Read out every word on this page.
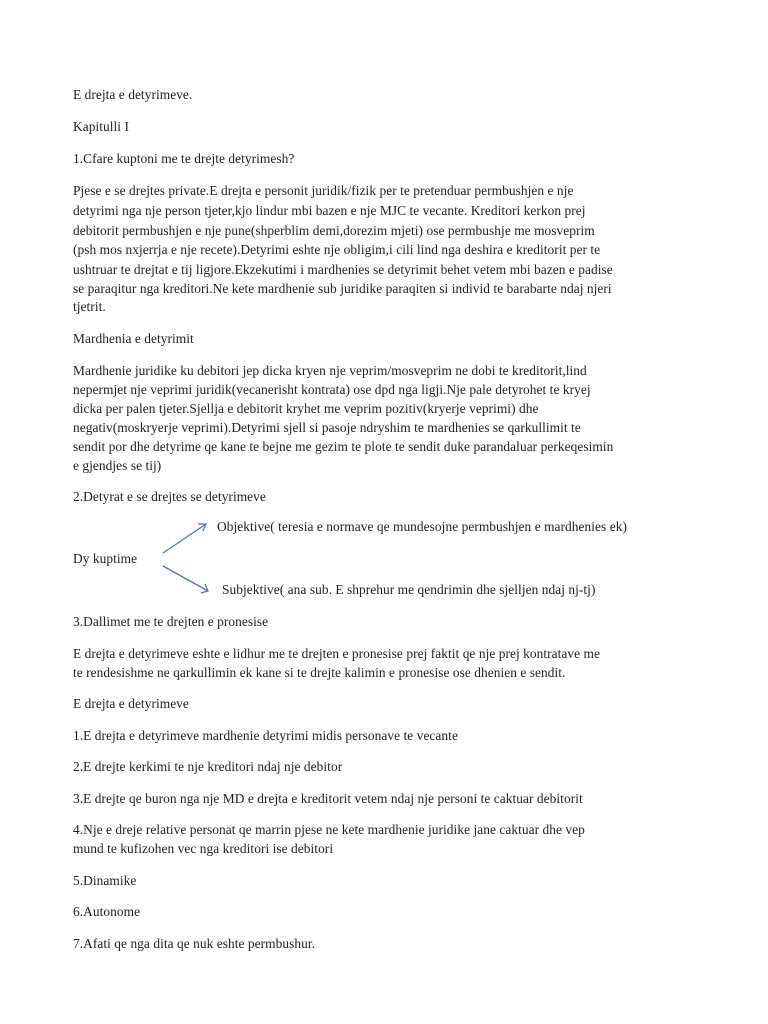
E drejta e detyrimeve.
Kapitulli I
1.Cfare kuptoni me te drejte detyrimesh?
Pjese e se drejtes private.E drejta e personit juridik/fizik per te pretenduar permbushjen e nje
detyrimi nga nje person tjeter,kjo lindur mbi bazen e nje MJC te vecante. Kreditori kerkon prej
debitorit permbushjen e nje pune(shperblim demi,dorezim mjeti) ose permbushje me mosveprim
(psh mos nxjerrja e nje recete).Detyrimi eshte nje obligim,i cili lind nga deshira e kreditorit per te
ushtruar te drejtat e tij ligjore.Ekzekutimi i mardhenies se detyrimit behet vetem mbi bazen e padise
se paraqitur nga kreditori.Ne kete mardhenie sub juridike paraqiten si individ te barabarte ndaj njeri
tjetrit.
Mardhenia e detyrimit
Mardhenie juridike ku debitori jep dicka kryen nje veprim/mosveprim ne dobi te kreditorit,lind
nepermjet nje veprimi juridik(vecanerisht kontrata) ose dpd nga ligji.Nje pale detyrohet te kryej
dicka per palen tjeter.Sjellja e debitorit kryhet me veprim pozitiv(kryerje veprimi) dhe
negativ(moskryerje veprimi).Detyrimi sjell si pasoje ndryshim te mardhenies se qarkullimit te
sendit por dhe detyrime qe kane te bejne me gezim te plote te sendit duke parandaluar perkeqesimin
e gjendjes se tij)
2.Detyrat e se drejtes se detyrimeve
Objektive( teresia e normave qe mundesojne permbushjen e mardhenies ek)
Dy kuptime
Subjektive( ana sub. E shprehur me qendrimin dhe sjelljen ndaj nj-tj)
3.Dallimet me te drejten e pronesise
E drejta e detyrimeve eshte e lidhur me te drejten e pronesise prej faktit qe nje prej kontratave me
te rendesishme ne qarkullimin ek kane si te drejte kalimin e pronesise ose dhenien e sendit.
E drejta e detyrimeve
1.E drejta e detyrimeve mardhenie detyrimi midis personave te vecante
2.E drejte kerkimi te nje kreditori ndaj nje debitor
3.E drejte qe buron nga nje MD e drejta e kreditorit vetem ndaj nje personi te caktuar debitorit
4.Nje e dreje relative personat qe marrin pjese ne kete mardhenie juridike jane caktuar dhe vep
mund te kufizohen vec nga kreditori ise debitori
5.Dinamike
6.Autonome
7.Afati qe nga dita qe nuk eshte permbushur.
